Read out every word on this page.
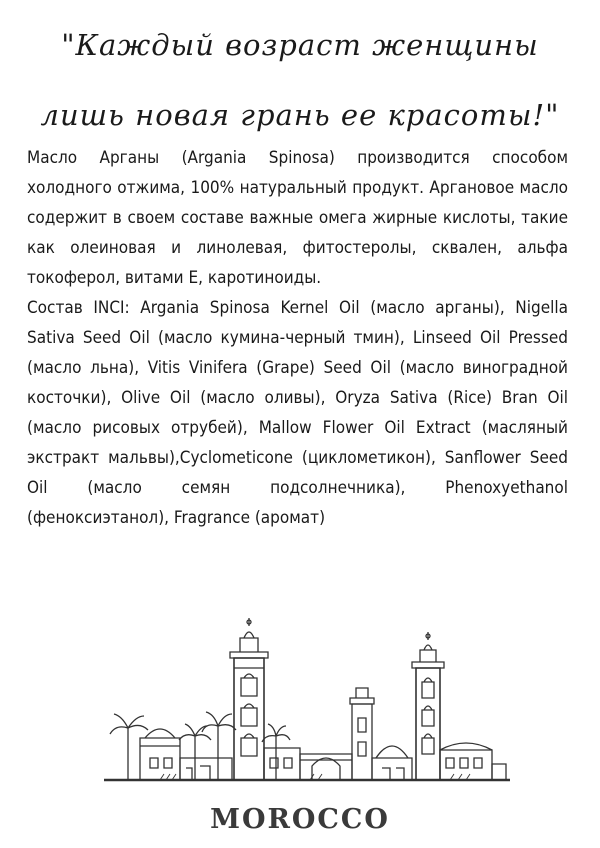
"Каждый возраст женщины
лишь новая грань ее красоты!"

Масло Арганы (Argania Spinosa) производится способом холодного отжима, 100% натуральный продукт. Аргановое масло содержит в своем составе важные омега жирные кислоты, такие как олеиновая и линолевая, фитостеролы, сквален, альфа токоферол, витами E, каротиноиды.

Состав INCI: Argania Spinosa Kernel Oil (масло арганы), Nigella Sativa Seed Oil (масло кумина-черный тмин), Linseed Oil Pressed (масло льна), Vitis Vinifera (Grape) Seed Oil (масло виноградной косточки), Olive Oil (масло оливы), Oryza Sativa (Rice) Bran Oil (масло рисовых отрубей), Mallow Flower Oil Extract (масляный экстракт мальвы),Cyclometicone (циклометикон), Sanflower Seed Oil (масло семян подсолнечника), Phenoxyethanol (феноксиэтанол), Fragrance (аромат)

MOROCCO
